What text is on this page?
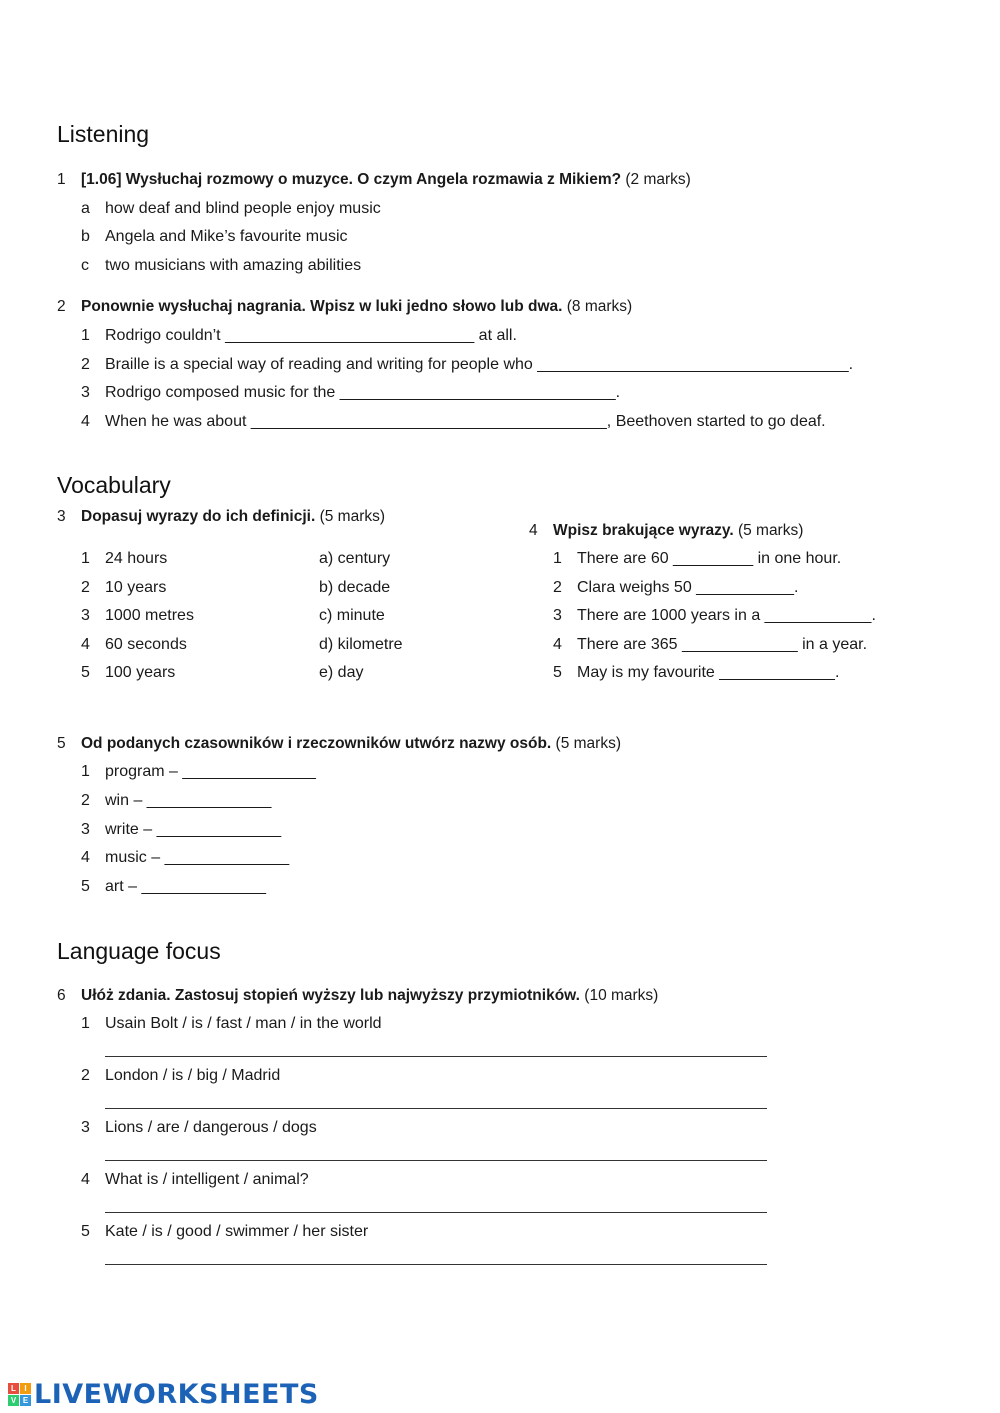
Listening
1 [1.06] Wysłuchaj rozmowy o muzyce. O czym Angela rozmawia z Mikiem? (2 marks)
a how deaf and blind people enjoy music
b Angela and Mike’s favourite music
c two musicians with amazing abilities
2 Ponownie wysłuchaj nagrania. Wpisz w luki jedno słowo lub dwa. (8 marks)
1 Rodrigo couldn’t ____________________________ at all.
2 Braille is a special way of reading and writing for people who ___________________________________.
3 Rodrigo composed music for the _______________________________.
4 When he was about ________________________________________, Beethoven started to go deaf.
Vocabulary
3 Dopasuj wyrazy do ich definicji. (5 marks)
1 24 hours
2 10 years
3 1000 metres
4 60 seconds
5 100 years
a) century
b) decade
c) minute
d) kilometre
e) day
4 Wpisz brakujące wyrazy. (5 marks)
1 There are 60 _________ in one hour.
2 Clara weighs 50 ___________.
3 There are 1000 years in a ____________.
4 There are 365 _____________ in a year.
5 May is my favourite _____________.
5 Od podanych czasowników i rzeczowników utwórz nazwy osób. (5 marks)
1 program – _______________
2 win – ______________
3 write – ______________
4 music – ______________
5 art – ______________
Language focus
6 Ułóż zdania. Zastosuj stopień wyższy lub najwyższy przymiotników. (10 marks)
1 Usain Bolt / is / fast / man / in the world
2 London / is / big / Madrid
3 Lions / are / dangerous / dogs
4 What is / intelligent / animal?
5 Kate / is / good / swimmer / her sister
L	I
V E LIVEWORKSHEETS
